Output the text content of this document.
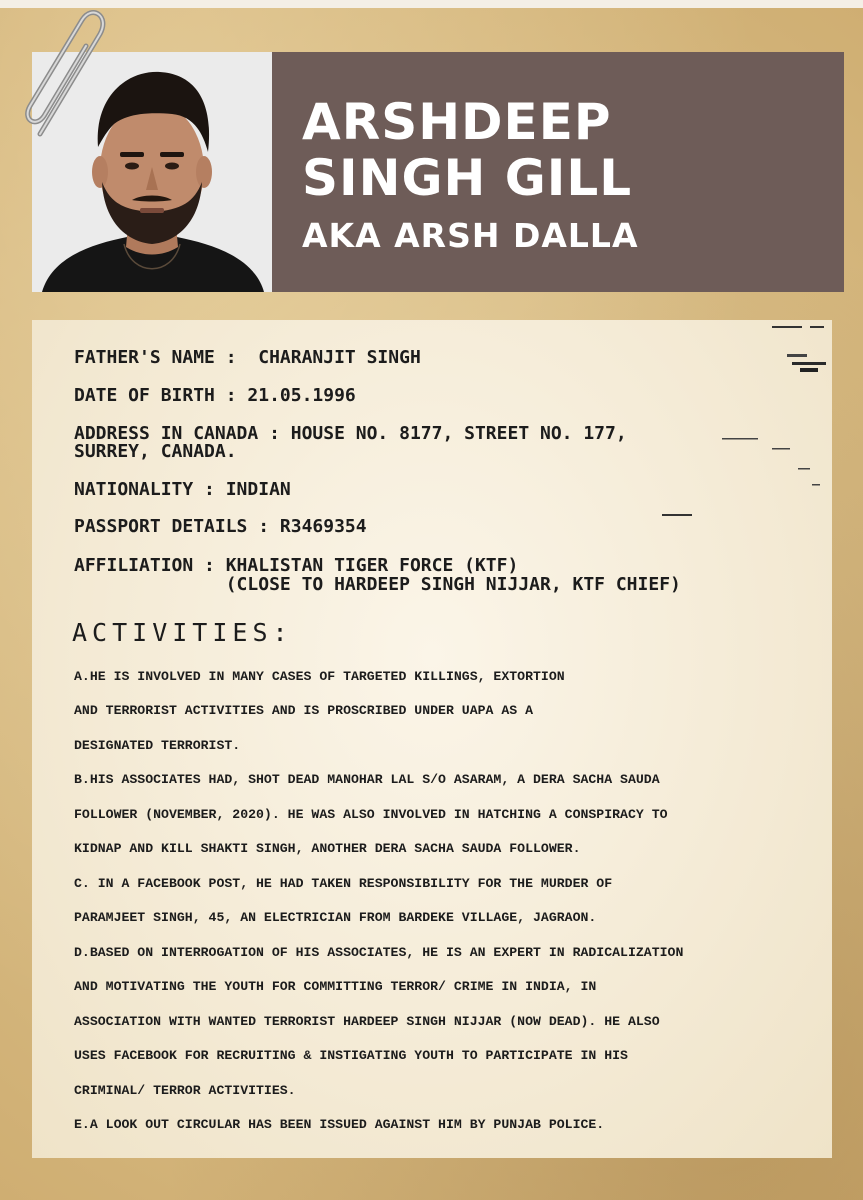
ARSHDEEP
SINGH GILL
AKA ARSH DALLA
FATHER'S NAME :  CHARANJIT SINGH
DATE OF BIRTH : 21.05.1996
ADDRESS IN CANADA : HOUSE NO. 8177, STREET NO. 177,
SURREY, CANADA.
NATIONALITY : INDIAN
PASSPORT DETAILS : R3469354
AFFILIATION : KHALISTAN TIGER FORCE (KTF)
(CLOSE TO HARDEEP SINGH NIJJAR, KTF CHIEF)
ACTIVITIES:
A.HE IS INVOLVED IN MANY CASES OF TARGETED KILLINGS, EXTORTION
AND TERRORIST ACTIVITIES AND IS PROSCRIBED UNDER UAPA AS A
DESIGNATED TERRORIST.
B.HIS ASSOCIATES HAD, SHOT DEAD MANOHAR LAL S/O ASARAM, A DERA SACHA SAUDA
FOLLOWER (NOVEMBER, 2020). HE WAS ALSO INVOLVED IN HATCHING A CONSPIRACY TO
KIDNAP AND KILL SHAKTI SINGH, ANOTHER DERA SACHA SAUDA FOLLOWER.
C. IN A FACEBOOK POST, HE HAD TAKEN RESPONSIBILITY FOR THE MURDER OF
PARAMJEET SINGH, 45, AN ELECTRICIAN FROM BARDEKE VILLAGE, JAGRAON.
D.BASED ON INTERROGATION OF HIS ASSOCIATES, HE IS AN EXPERT IN RADICALIZATION
AND MOTIVATING THE YOUTH FOR COMMITTING TERROR/ CRIME IN INDIA, IN
ASSOCIATION WITH WANTED TERRORIST HARDEEP SINGH NIJJAR (NOW DEAD). HE ALSO
USES FACEBOOK FOR RECRUITING & INSTIGATING YOUTH TO PARTICIPATE IN HIS
CRIMINAL/ TERROR ACTIVITIES.
E.A LOOK OUT CIRCULAR HAS BEEN ISSUED AGAINST HIM BY PUNJAB POLICE.
